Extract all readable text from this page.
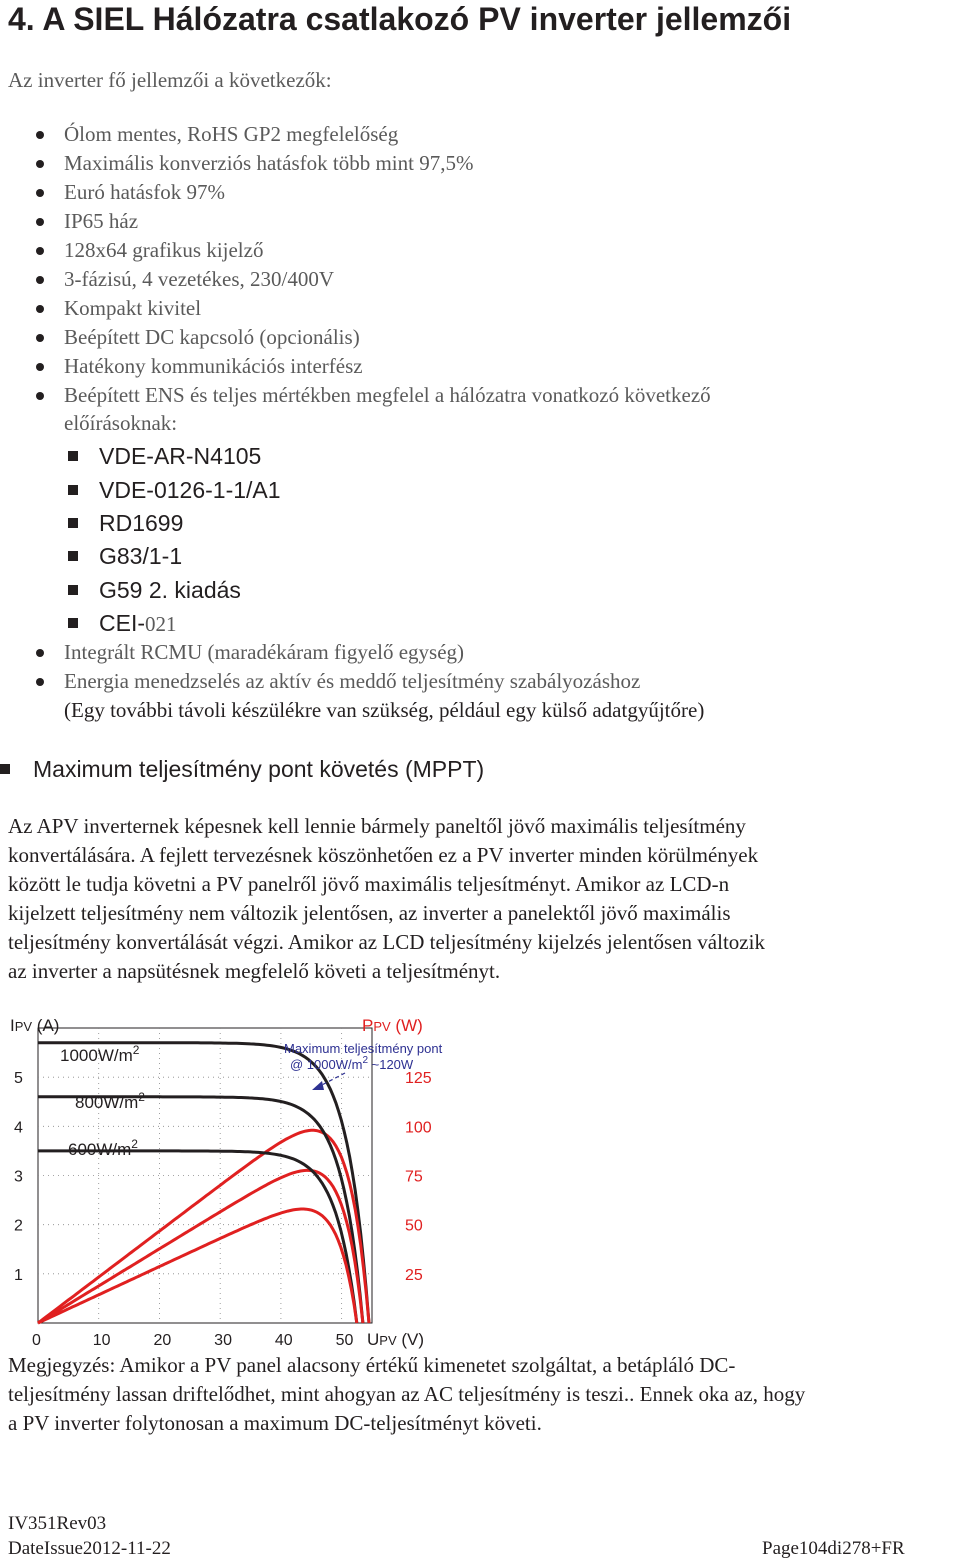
4. A SIEL Hálózatra csatlakozó PV inverter jellemzői
Az inverter fő jellemzői a következők:
Ólom mentes, RoHS GP2 megfelelőség
Maximális konverziós hatásfok több mint 97,5%
Euró hatásfok 97%
IP65 ház
128x64 grafikus kijelző
3-fázisú, 4 vezetékes, 230/400V
Kompakt kivitel
Beépített DC kapcsoló (opcionális)
Hatékony kommunikációs interfész
Beépített ENS és teljes mértékben megfelel a hálózatra vonatkozó következő
előírásoknak:
VDE-AR-N4105
VDE-0126-1-1/A1
RD1699
G83/1-1
G59 2. kiadás
CEI-021
Integrált RCMU (maradékáram figyelő egység)
Energia menedzselés az aktív és meddő teljesítmény szabályozáshoz
(Egy további távoli készülékre van szükség, például egy külső adatgyűjtőre)
Maximum teljesítmény pont követés (MPPT)
Az APV inverternek képesnek kell lennie bármely paneltől jövő maximális teljesítmény
konvertálására. A fejlett tervezésnek köszönhetően ez a PV inverter minden körülmények
között le tudja követni a PV panelről jövő maximális teljesítményt. Amikor az LCD-n
kijelzett teljesítmény nem változik jelentősen, az inverter a panelektől jövő maximális
teljesítmény konvertálását végzi. Amikor az LCD teljesítmény kijelzés jelentősen változik
az inverter a napsütésnek megfelelő követi a teljesítményt.
$1000W/m^2$
$800W/m^2$
$600W/m^2$
1
2
3
4
5
25
50
75
100
125
0	10	20	30	40	50
IPV (A)	PPV (W)
UPV (V)
Maximum teljesítmény pont
@ $1000W/m^2$ ~120W
Megjegyzés: Amikor a PV panel alacsony értékű kimenetet szolgáltat, a betápláló DC-
teljesítmény lassan driftelődhet, mint ahogyan az AC teljesítmény is teszi.. Ennek oka az, hogy
a PV inverter folytonosan a maximum DC-teljesítményt követi.
IV351Rev03
DateIssue2012-11-22	Page104di278+FR
